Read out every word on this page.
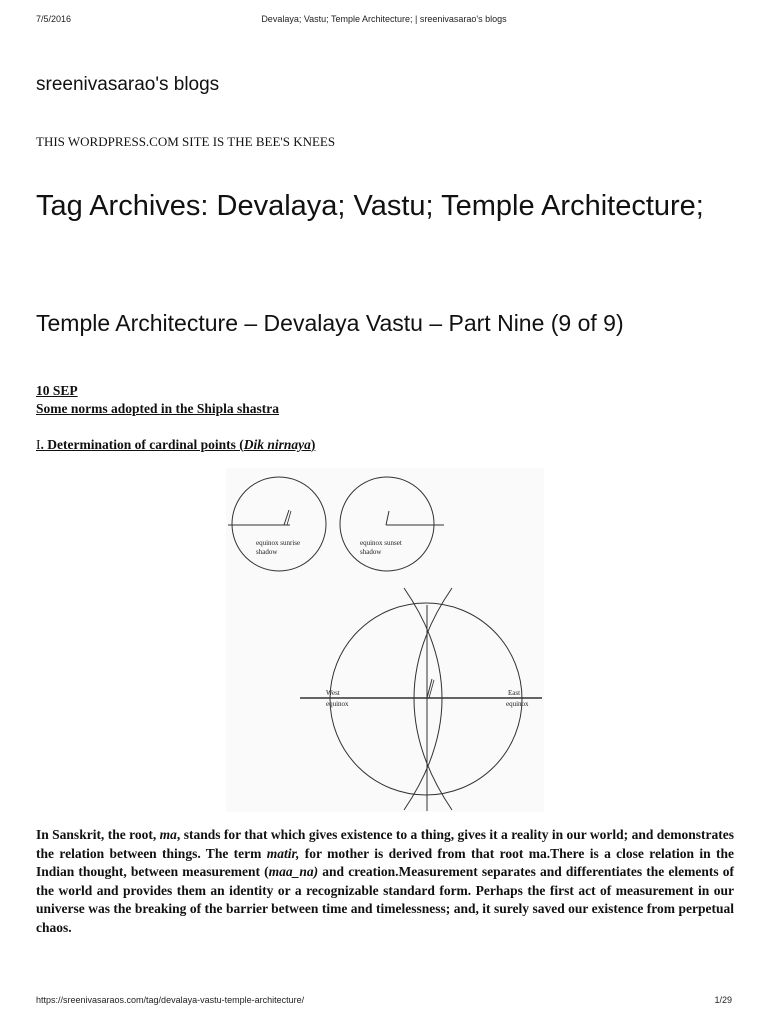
7/5/2016	Devalaya; Vastu; Temple Architecture; | sreenivasarao's blogs
sreenivasarao's blogs
THIS WORDPRESS.COM SITE IS THE BEE'S KNEES
Tag Archives: Devalaya; Vastu; Temple Architecture;
Temple Architecture – Devalaya Vastu – Part Nine (9 of 9)
10 SEP
Some norms adopted in the Shipla shastra
I. Determination of cardinal points (Dik nirnaya)
equinox sunrise
shadow
equinox sunset
shadow
West
equinox
East
equinox

In Sanskrit, the root, ma, stands for that which gives existence to a thing, gives it a reality in our world; and demonstrates the relation between things. The term matir, for mother is derived from that root ma.There is a close relation in the Indian thought, between measurement (maa_na) and creation.Measurement separates and differentiates the elements of the world and provides them an identity or a recognizable standard form. Perhaps the first act of measurement in our universe was the breaking of the barrier between time and timelessness; and, it surely saved our existence from perpetual chaos.

https://sreenivasaraos.com/tag/devalaya-vastu-temple-architecture/	1/29
